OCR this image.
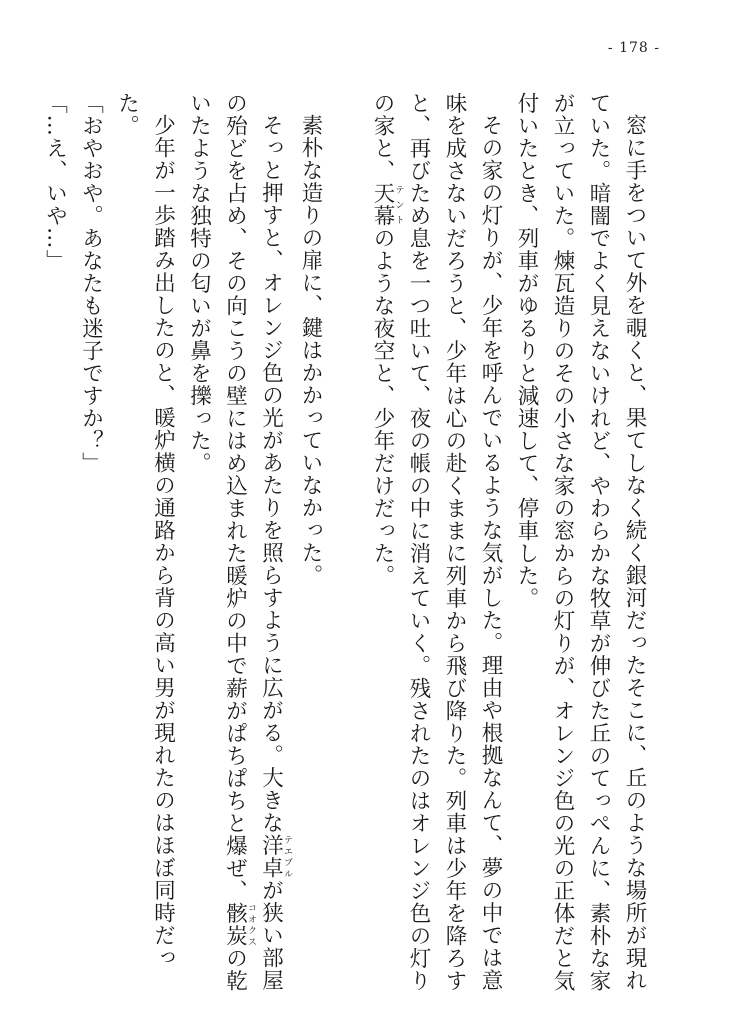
- 178 -

窓に手をついて外を覗くと、果てしなく続く銀河だったそこに、丘のような場所が現れていた。暗闇でよく見えないけれど、やわらかな牧草が伸びた丘のてっぺんに、素朴な家が立っていた。煉瓦造りのその小さな家の窓からの灯りが、オレンジ色の光の正体だと気付いたとき、列車がゆるりと減速して、停車した。

その家の灯りが、少年を呼んでいるような気がした。理由や根拠なんて、夢の中では意味を成さないだろうと、少年は心の赴くままに列車から飛び降りた。列車は少年を降ろすと、再びため息を一つ吐いて、夜の帳の中に消えていく。残されたのはオレンジ色の灯りの家と、天幕テントのような夜空と、少年だけだった。

素朴な造りの扉に、鍵はかかっていなかった。

そっと押すと、オレンジ色の光があたりを照らすように広がる。大きな洋卓テエブルが狭い部屋の殆どを占め、その向こうの壁にはめ込まれた暖炉の中で薪がぱちぱちと爆ぜ、骸炭コオクスの乾いたような独特の匂いが鼻を擽った。

少年が一歩踏み出したのと、暖炉横の通路から背の高い男が現れたのはほぼ同時だった。

「おやおや。あなたも迷子ですか？」

「…え、いや…」
